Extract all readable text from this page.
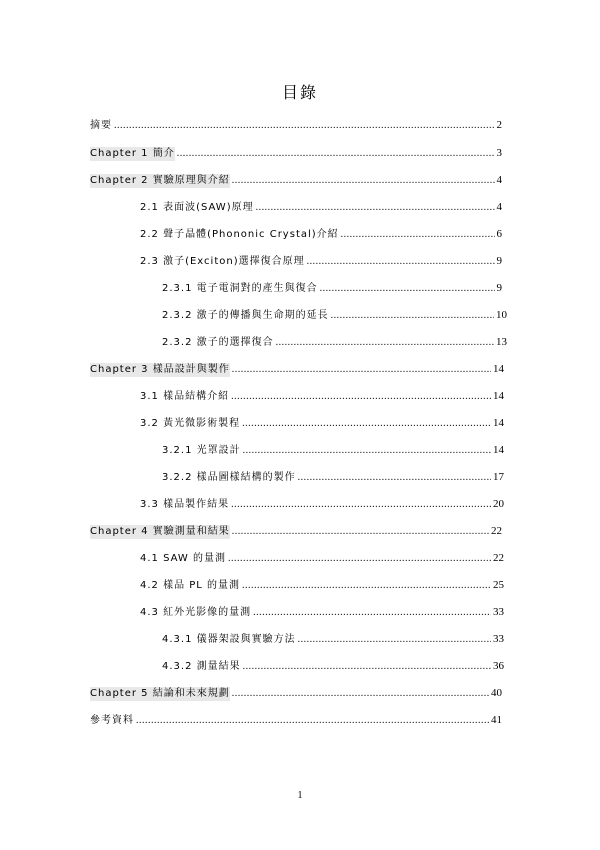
目錄
摘要 .....	2
Chapter 1 簡介 .....	3
Chapter 2 實驗原理與介紹 .....	4
2.1 表面波(SAW)原理 .....	4
2.2 聲子晶體(Phononic Crystal)介紹 .....	6
2.3 激子(Exciton)選擇復合原理 .....	9
2.3.1 電子電洞對的產生與復合 .....	9
2.3.2 激子的傳播與生命期的延長 .....	10
2.3.2 激子的選擇復合 .....	13
Chapter 3 樣品設計與製作 .....	14
3.1 樣品結構介紹 .....	14
3.2 黃光微影術製程 .....	14
3.2.1 光罩設計 .....	14
3.2.2 樣品圖樣結構的製作 .....	17
3.3 樣品製作結果 .....	20
Chapter 4 實驗測量和結果 .....	22
4.1 SAW 的量測 .....	22
4.2 樣品 PL 的量測 .....	25
4.3 紅外光影像的量測 .....	33
4.3.1 儀器架設與實驗方法 .....	33
4.3.2 測量結果 .....	36
Chapter 5 結論和未來規劃 .....	40
參考資料 .....	41
1
